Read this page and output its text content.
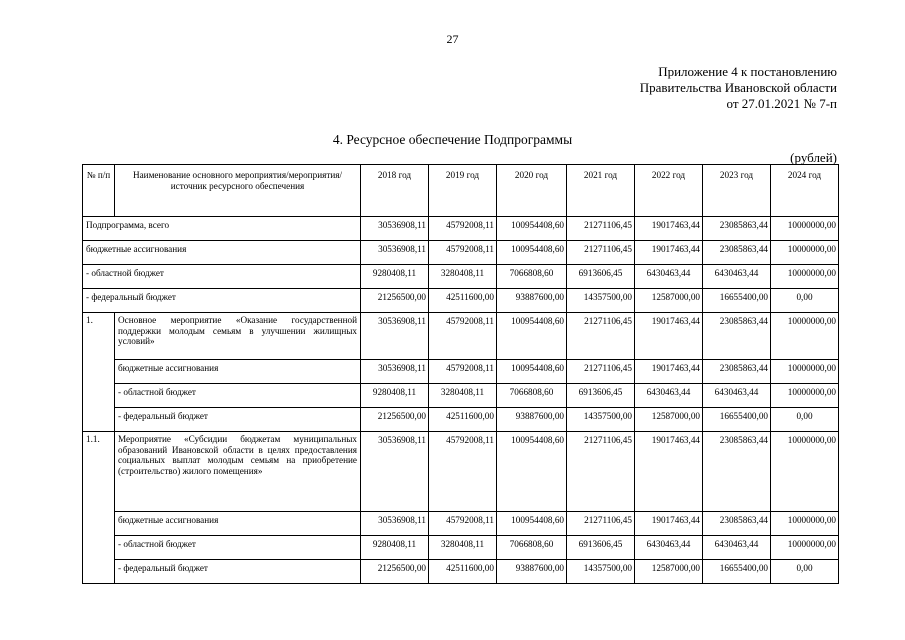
27
Приложение 4 к постановлению
Правительства Ивановской области
от 27.01.2021 № 7-п
4. Ресурсное обеспечение Подпрограммы
(рублей)
№ п/п	Наименование основного мероприятия/мероприятия/источник ресурсного обеспечения	2018 год	2019 год	2020 год	2021 год	2022 год	2023 год	2024 год
Подпрограмма, всего		30536908,11	45792008,11	100954408,60	21271106,45	19017463,44	23085863,44	10000000,00
бюджетные ассигнования		30536908,11	45792008,11	100954408,60	21271106,45	19017463,44	23085863,44	10000000,00
- областной бюджет		9280408,11	3280408,11	7066808,60	6913606,45	6430463,44	6430463,44	10000000,00
- федеральный бюджет		21256500,00	42511600,00	93887600,00	14357500,00	12587000,00	16655400,00	0,00
1.	Основное мероприятие «Оказание государственной поддержки молодым семьям в улучшении жилищных условий»	30536908,11	45792008,11	100954408,60	21271106,45	19017463,44	23085863,44	10000000,00
	бюджетные ассигнования	30536908,11	45792008,11	100954408,60	21271106,45	19017463,44	23085863,44	10000000,00
	- областной бюджет	9280408,11	3280408,11	7066808,60	6913606,45	6430463,44	6430463,44	10000000,00
	- федеральный бюджет	21256500,00	42511600,00	93887600,00	14357500,00	12587000,00	16655400,00	0,00
1.1.	Мероприятие «Субсидии бюджетам муниципальных образований Ивановской области в целях предоставления социальных выплат молодым семьям на приобретение (строительство) жилого помещения»	30536908,11	45792008,11	100954408,60	21271106,45	19017463,44	23085863,44	10000000,00
	бюджетные ассигнования	30536908,11	45792008,11	100954408,60	21271106,45	19017463,44	23085863,44	10000000,00
	- областной бюджет	9280408,11	3280408,11	7066808,60	6913606,45	6430463,44	6430463,44	10000000,00
	- федеральный бюджет	21256500,00	42511600,00	93887600,00	14357500,00	12587000,00	16655400,00	0,00
